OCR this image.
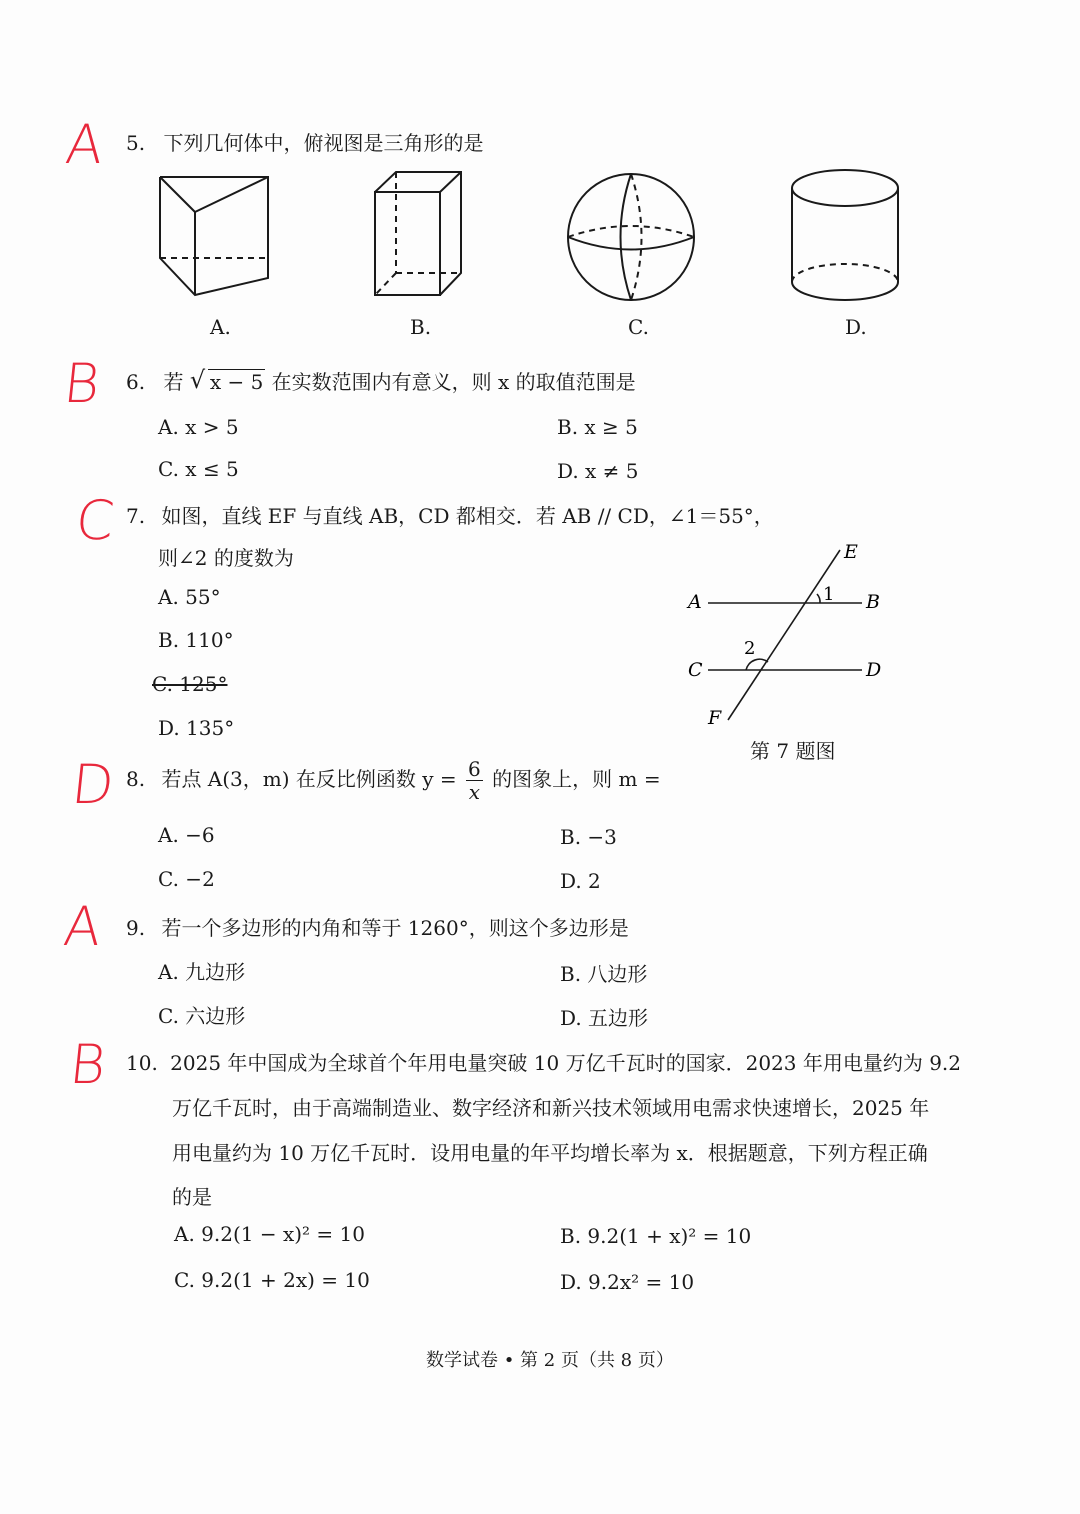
A
B
C
D
A
B
5. 下列几何体中，俯视图是三角形的是
A.	B.	C.	D.
6. 若 √ x − 5 在实数范围内有意义，则 x 的取值范围是
A. x > 5	B. x ≥ 5
C. x ≤ 5	D. x ≠ 5
7. 如图，直线 EF 与直线 AB，CD 都相交．若 AB // CD，∠1＝55°，
则∠2 的度数为
A. 55°
B. 110°
C. 125°
D. 135°
E
A	B
1
2
C	D
F
第 7 题图
8. 若点 A(3，m) 在反比例函数 $y = \frac{6}{x}$ 的图象上，则 m =
A. −6	B. −3
C. −2	D. 2
9. 若一个多边形的内角和等于 1260°，则这个多边形是
A. 九边形	B. 八边形
C. 六边形	D. 五边形
10. 2025 年中国成为全球首个年用电量突破 10 万亿千瓦时的国家．2023 年用电量约为 9.2
万亿千瓦时，由于高端制造业、数字经济和新兴技术领域用电需求快速增长，2025 年
用电量约为 10 万亿千瓦时．设用电量的年平均增长率为 x．根据题意，下列方程正确
的是
A. 9.2(1 − x)² = 10	B. 9.2(1 + x)² = 10
C. 9.2(1 + 2x) = 10	D. 9.2x² = 10
数学试卷 • 第 2 页（共 8 页）
